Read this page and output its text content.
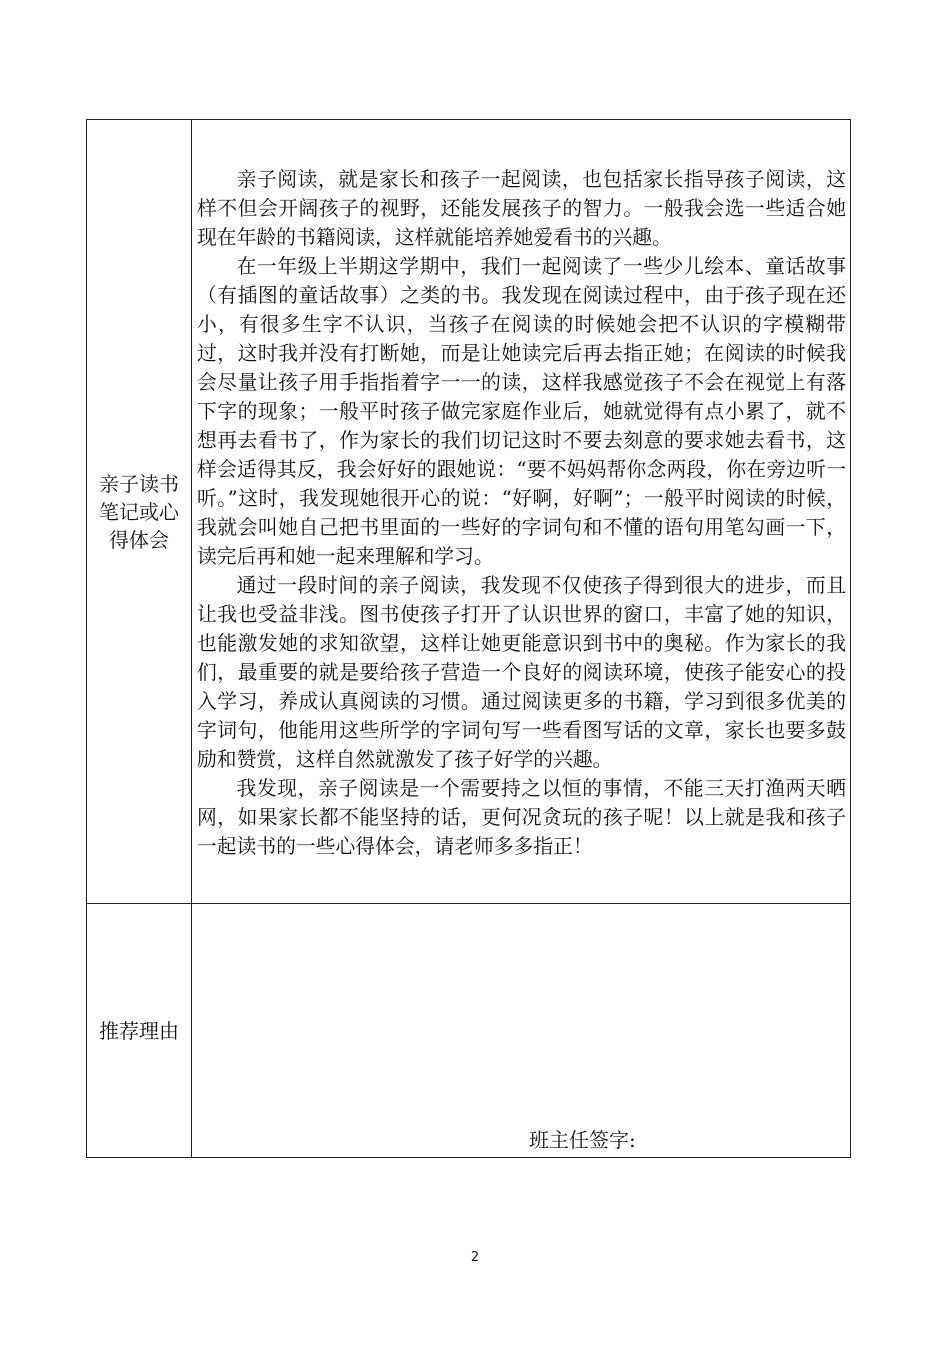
亲子读书笔记或心得体会	亲子阅读，就是家长和孩子一起阅读，也包括家长指导孩子阅读，这样不但会开阔孩子的视野，还能发展孩子的智力。一般我会选一些适合她现在年龄的书籍阅读，这样就能培养她爱看书的兴趣。

在一年级上半期这学期中，我们一起阅读了一些少儿绘本、童话故事（有插图的童话故事）之类的书。我发现在阅读过程中，由于孩子现在还小，有很多生字不认识，当孩子在阅读的时候她会把不认识的字模糊带过，这时我并没有打断她，而是让她读完后再去指正她；在阅读的时候我会尽量让孩子用手指指着字一一的读，这样我感觉孩子不会在视觉上有落下字的现象；一般平时孩子做完家庭作业后，她就觉得有点小累了，就不想再去看书了，作为家长的我们切记这时不要去刻意的要求她去看书，这样会适得其反，我会好好的跟她说：“要不妈妈帮你念两段，你在旁边听一听。”这时，我发现她很开心的说：“好啊，好啊”；一般平时阅读的时候，我就会叫她自己把书里面的一些好的字词句和不懂的语句用笔勾画一下，读完后再和她一起来理解和学习。

通过一段时间的亲子阅读，我发现不仅使孩子得到很大的进步，而且让我也受益非浅。图书使孩子打开了认识世界的窗口，丰富了她的知识，也能激发她的求知欲望，这样让她更能意识到书中的奥秘。作为家长的我们，最重要的就是要给孩子营造一个良好的阅读环境，使孩子能安心的投入学习，养成认真阅读的习惯。通过阅读更多的书籍，学习到很多优美的字词句，他能用这些所学的字词句写一些看图写话的文章，家长也要多鼓励和赞赏，这样自然就激发了孩子好学的兴趣。

我发现，亲子阅读是一个需要持之以恒的事情，不能三天打渔两天晒网，如果家长都不能坚持的话，更何况贪玩的孩子呢！以上就是我和孩子一起读书的一些心得体会，请老师多多指正！

推荐理由	班主任签字:
2
